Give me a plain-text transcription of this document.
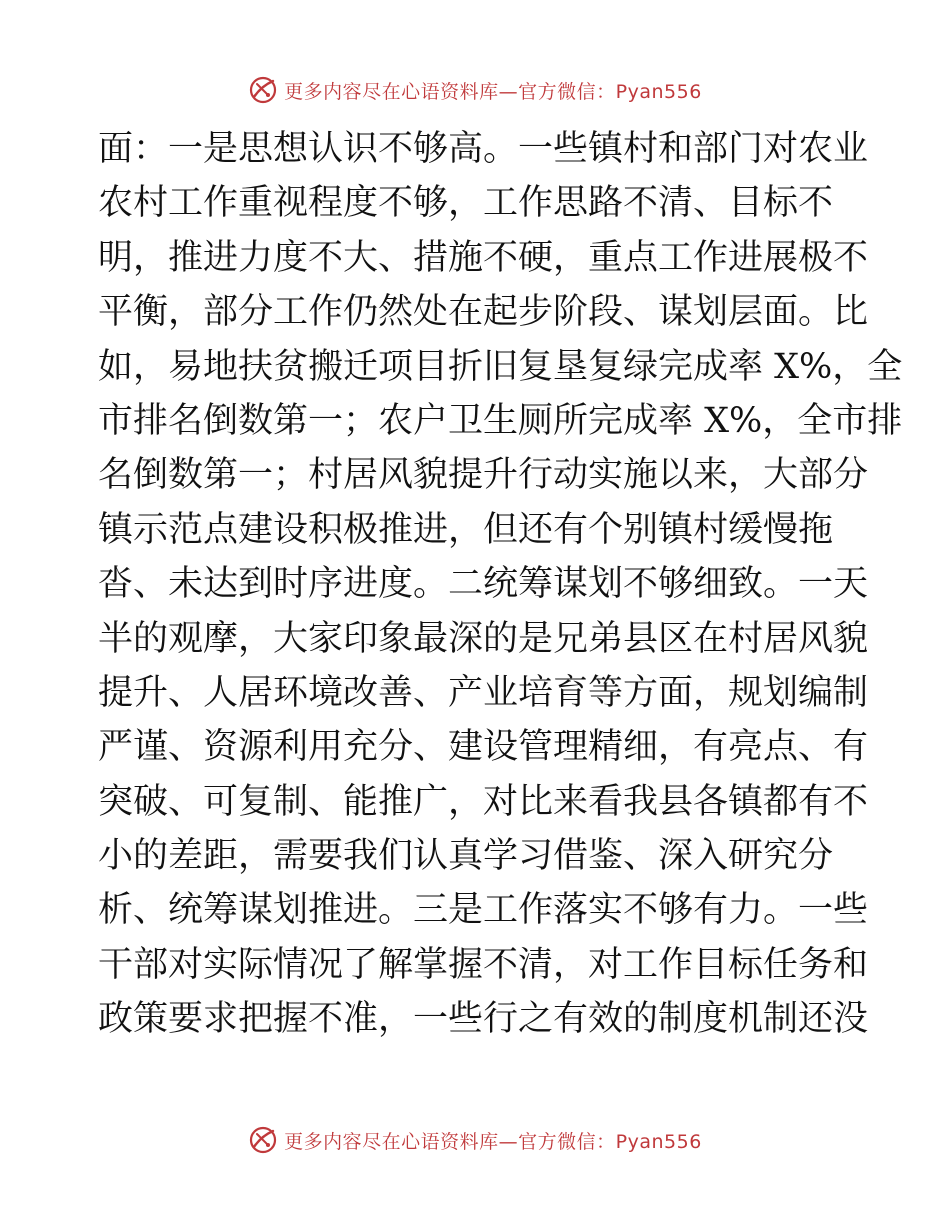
更多内容尽在心语资料库—官方微信：Pyan556
面：一是思想认识不够高。一些镇村和部门对农业
农村工作重视程度不够，工作思路不清、目标不
明，推进力度不大、措施不硬，重点工作进展极不
平衡，部分工作仍然处在起步阶段、谋划层面。比
如，易地扶贫搬迁项目折旧复垦复绿完成率 X%，全
市排名倒数第一；农户卫生厕所完成率 X%，全市排
名倒数第一；村居风貌提升行动实施以来，大部分
镇示范点建设积极推进，但还有个别镇村缓慢拖
沓、未达到时序进度。二统筹谋划不够细致。一天
半的观摩，大家印象最深的是兄弟县区在村居风貌
提升、人居环境改善、产业培育等方面，规划编制
严谨、资源利用充分、建设管理精细，有亮点、有
突破、可复制、能推广，对比来看我县各镇都有不
小的差距，需要我们认真学习借鉴、深入研究分
析、统筹谋划推进。三是工作落实不够有力。一些
干部对实际情况了解掌握不清，对工作目标任务和
政策要求把握不准，一些行之有效的制度机制还没
更多内容尽在心语资料库—官方微信：Pyan556
